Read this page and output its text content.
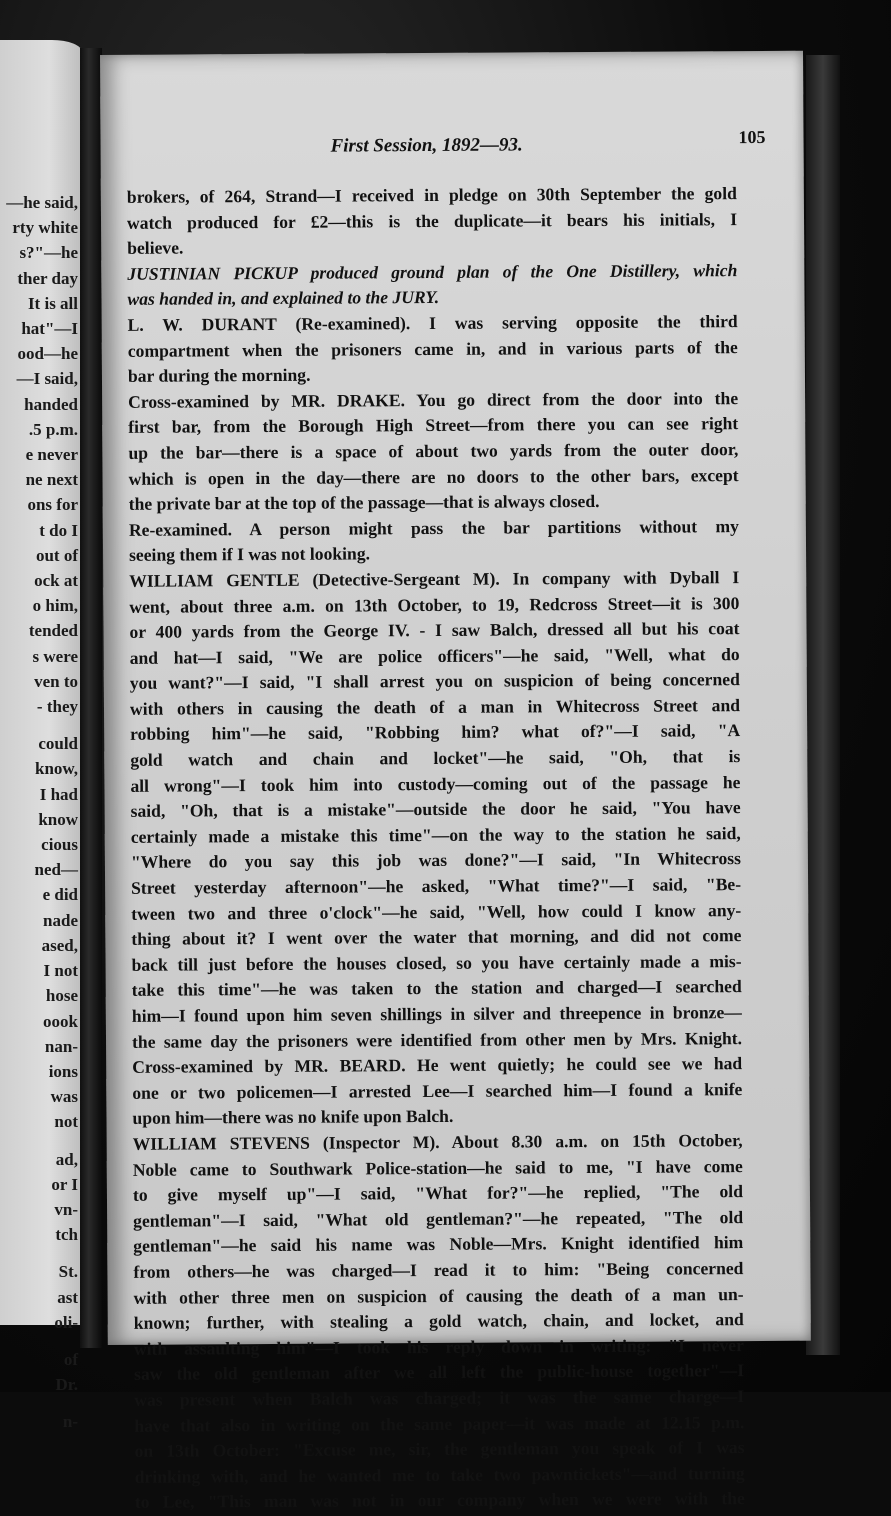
—he said,
rty white
s?"—he
ther day
It is all
hat"—I
ood—he
—I said,
handed
.5 p.m.
e never
ne next
ons for
t do I
out of
ock at
o him,
tended
s were
ven to
- they
could
know,
I had
know
cious
ned—
e did
nade
ased,
I not
hose
oook
nan-
ions
was
not
ad,
or I
vn-
tch
St.
ast
oli-
of
Dr.
n-
First Session, 1892—93.	105
brokers, of 264, Strand—I received in pledge on 30th September the gold
watch produced for £2—this is the duplicate—it bears his initials, I
believe.
JUSTINIAN PICKUP produced ground plan of the One Distillery, which
was handed in, and explained to the JURY.
L. W. DURANT (Re-examined). I was serving opposite the third
compartment when the prisoners came in, and in various parts of the
bar during the morning.
Cross-examined by MR. DRAKE. You go direct from the door into the
first bar, from the Borough High Street—from there you can see right
up the bar—there is a space of about two yards from the outer door,
which is open in the day—there are no doors to the other bars, except
the private bar at the top of the passage—that is always closed.
Re-examined. A person might pass the bar partitions without my
seeing them if I was not looking.
WILLIAM GENTLE (Detective-Sergeant M). In company with Dyball I
went, about three a.m. on 13th October, to 19, Redcross Street—it is 300
or 400 yards from the George IV. - I saw Balch, dressed all but his coat
and hat—I said, "We are police officers"—he said, "Well, what do
you want?"—I said, "I shall arrest you on suspicion of being concerned
with others in causing the death of a man in Whitecross Street and
robbing him"—he said, "Robbing him? what of?"—I said, "A
gold watch and chain and locket"—he said, "Oh, that is
all wrong"—I took him into custody—coming out of the passage he
said, "Oh, that is a mistake"—outside the door he said, "You have
certainly made a mistake this time"—on the way to the station he said,
"Where do you say this job was done?"—I said, "In Whitecross
Street yesterday afternoon"—he asked, "What time?"—I said, "Be-
tween two and three o'clock"—he said, "Well, how could I know any-
thing about it? I went over the water that morning, and did not come
back till just before the houses closed, so you have certainly made a mis-
take this time"—he was taken to the station and charged—I searched
him—I found upon him seven shillings in silver and threepence in bronze—
the same day the prisoners were identified from other men by Mrs. Knight.
Cross-examined by MR. BEARD. He went quietly; he could see we had
one or two policemen—I arrested Lee—I searched him—I found a knife
upon him—there was no knife upon Balch.
WILLIAM STEVENS (Inspector M). About 8.30 a.m. on 15th October,
Noble came to Southwark Police-station—he said to me, "I have come
to give myself up"—I said, "What for?"—he replied, "The old
gentleman"—I said, "What old gentleman?"—he repeated, "The old
gentleman"—he said his name was Noble—Mrs. Knight identified him
from others—he was charged—I read it to him: "Being concerned
with other three men on suspicion of causing the death of a man un-
known; further, with stealing a gold watch, chain, and locket, and
with assaulting him"—I took his reply down in writing: "I never
saw the old gentleman after we all left the public-house together"—I
was present when Balch was charged; it was the same charge—I
have that also in writing on the same paper—it was made at 12.15 p.m.
on 13th October: "Excuse me, sir, the gentleman you speak of I was
drinking with, and he wanted me to take two pawntickets"—and turning
to Lee, "This man was not in our company when we were with the
